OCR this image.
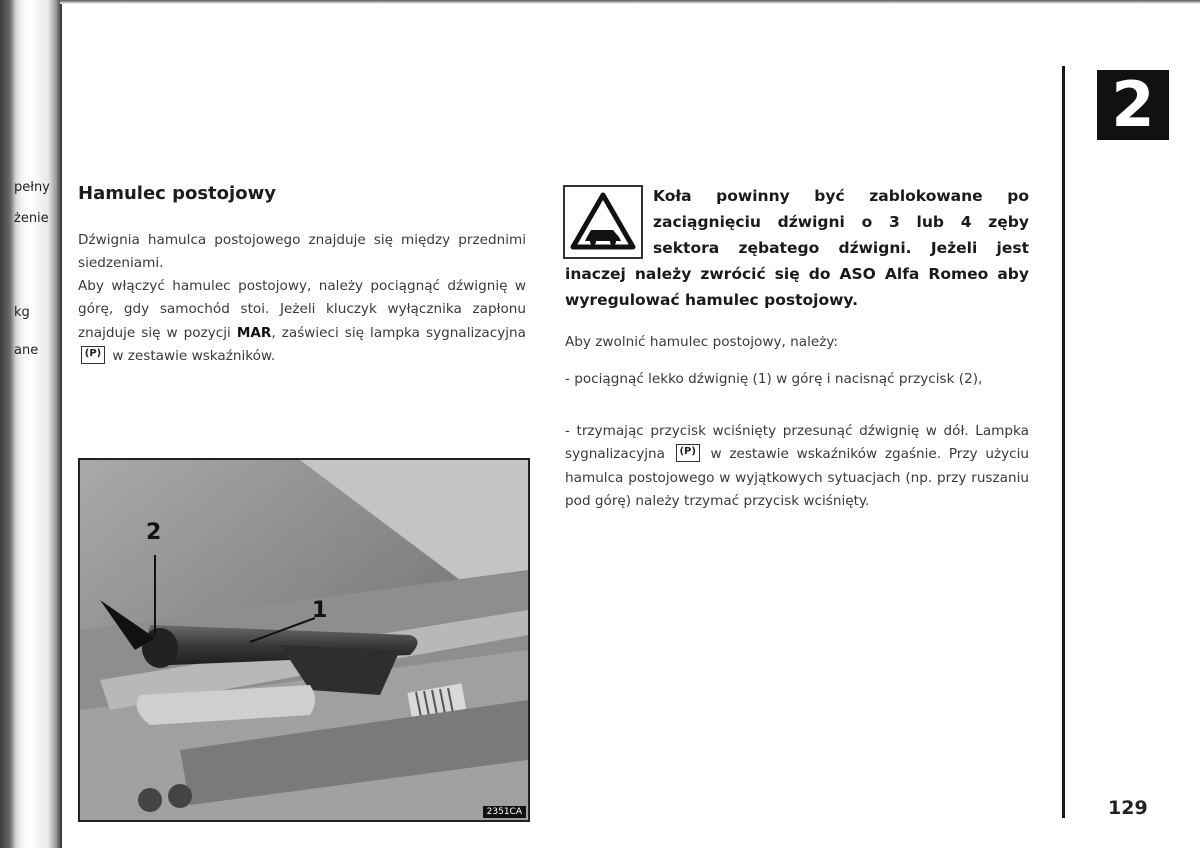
pełny
żenie
kg
ane
2
Hamulec postojowy
Dźwignia hamulca postojowego znajduje się między przednimi siedzeniami.
Aby włączyć hamulec postojowy, należy pociągnąć dźwignię w górę, gdy samochód stoi. Jeżeli kluczyk wyłącznika zapłonu znajduje się w pozycji MAR, zaświeci się lampka sygnalizacyjna (P) w zestawie wskaźników.
2
1
2351CA
Koła powinny być zablokowane po zaciągnięciu dźwigni o 3 lub 4 zęby sektora zębatego dźwigni. Jeżeli jest inaczej należy zwrócić się do ASO Alfa Romeo aby wyregulować hamulec postojowy.
Aby zwolnić hamulec postojowy, należy:
- pociągnąć lekko dźwignię (1) w górę i nacisnąć przycisk (2),
- trzymając przycisk wciśnięty przesunąć dźwignię w dół. Lampka sygnalizacyjna (P) w zestawie wskaźników zgaśnie. Przy użyciu hamulca postojowego w wyjątkowych sytuacjach (np. przy ruszaniu pod górę) należy trzymać przycisk wciśnięty.
129
